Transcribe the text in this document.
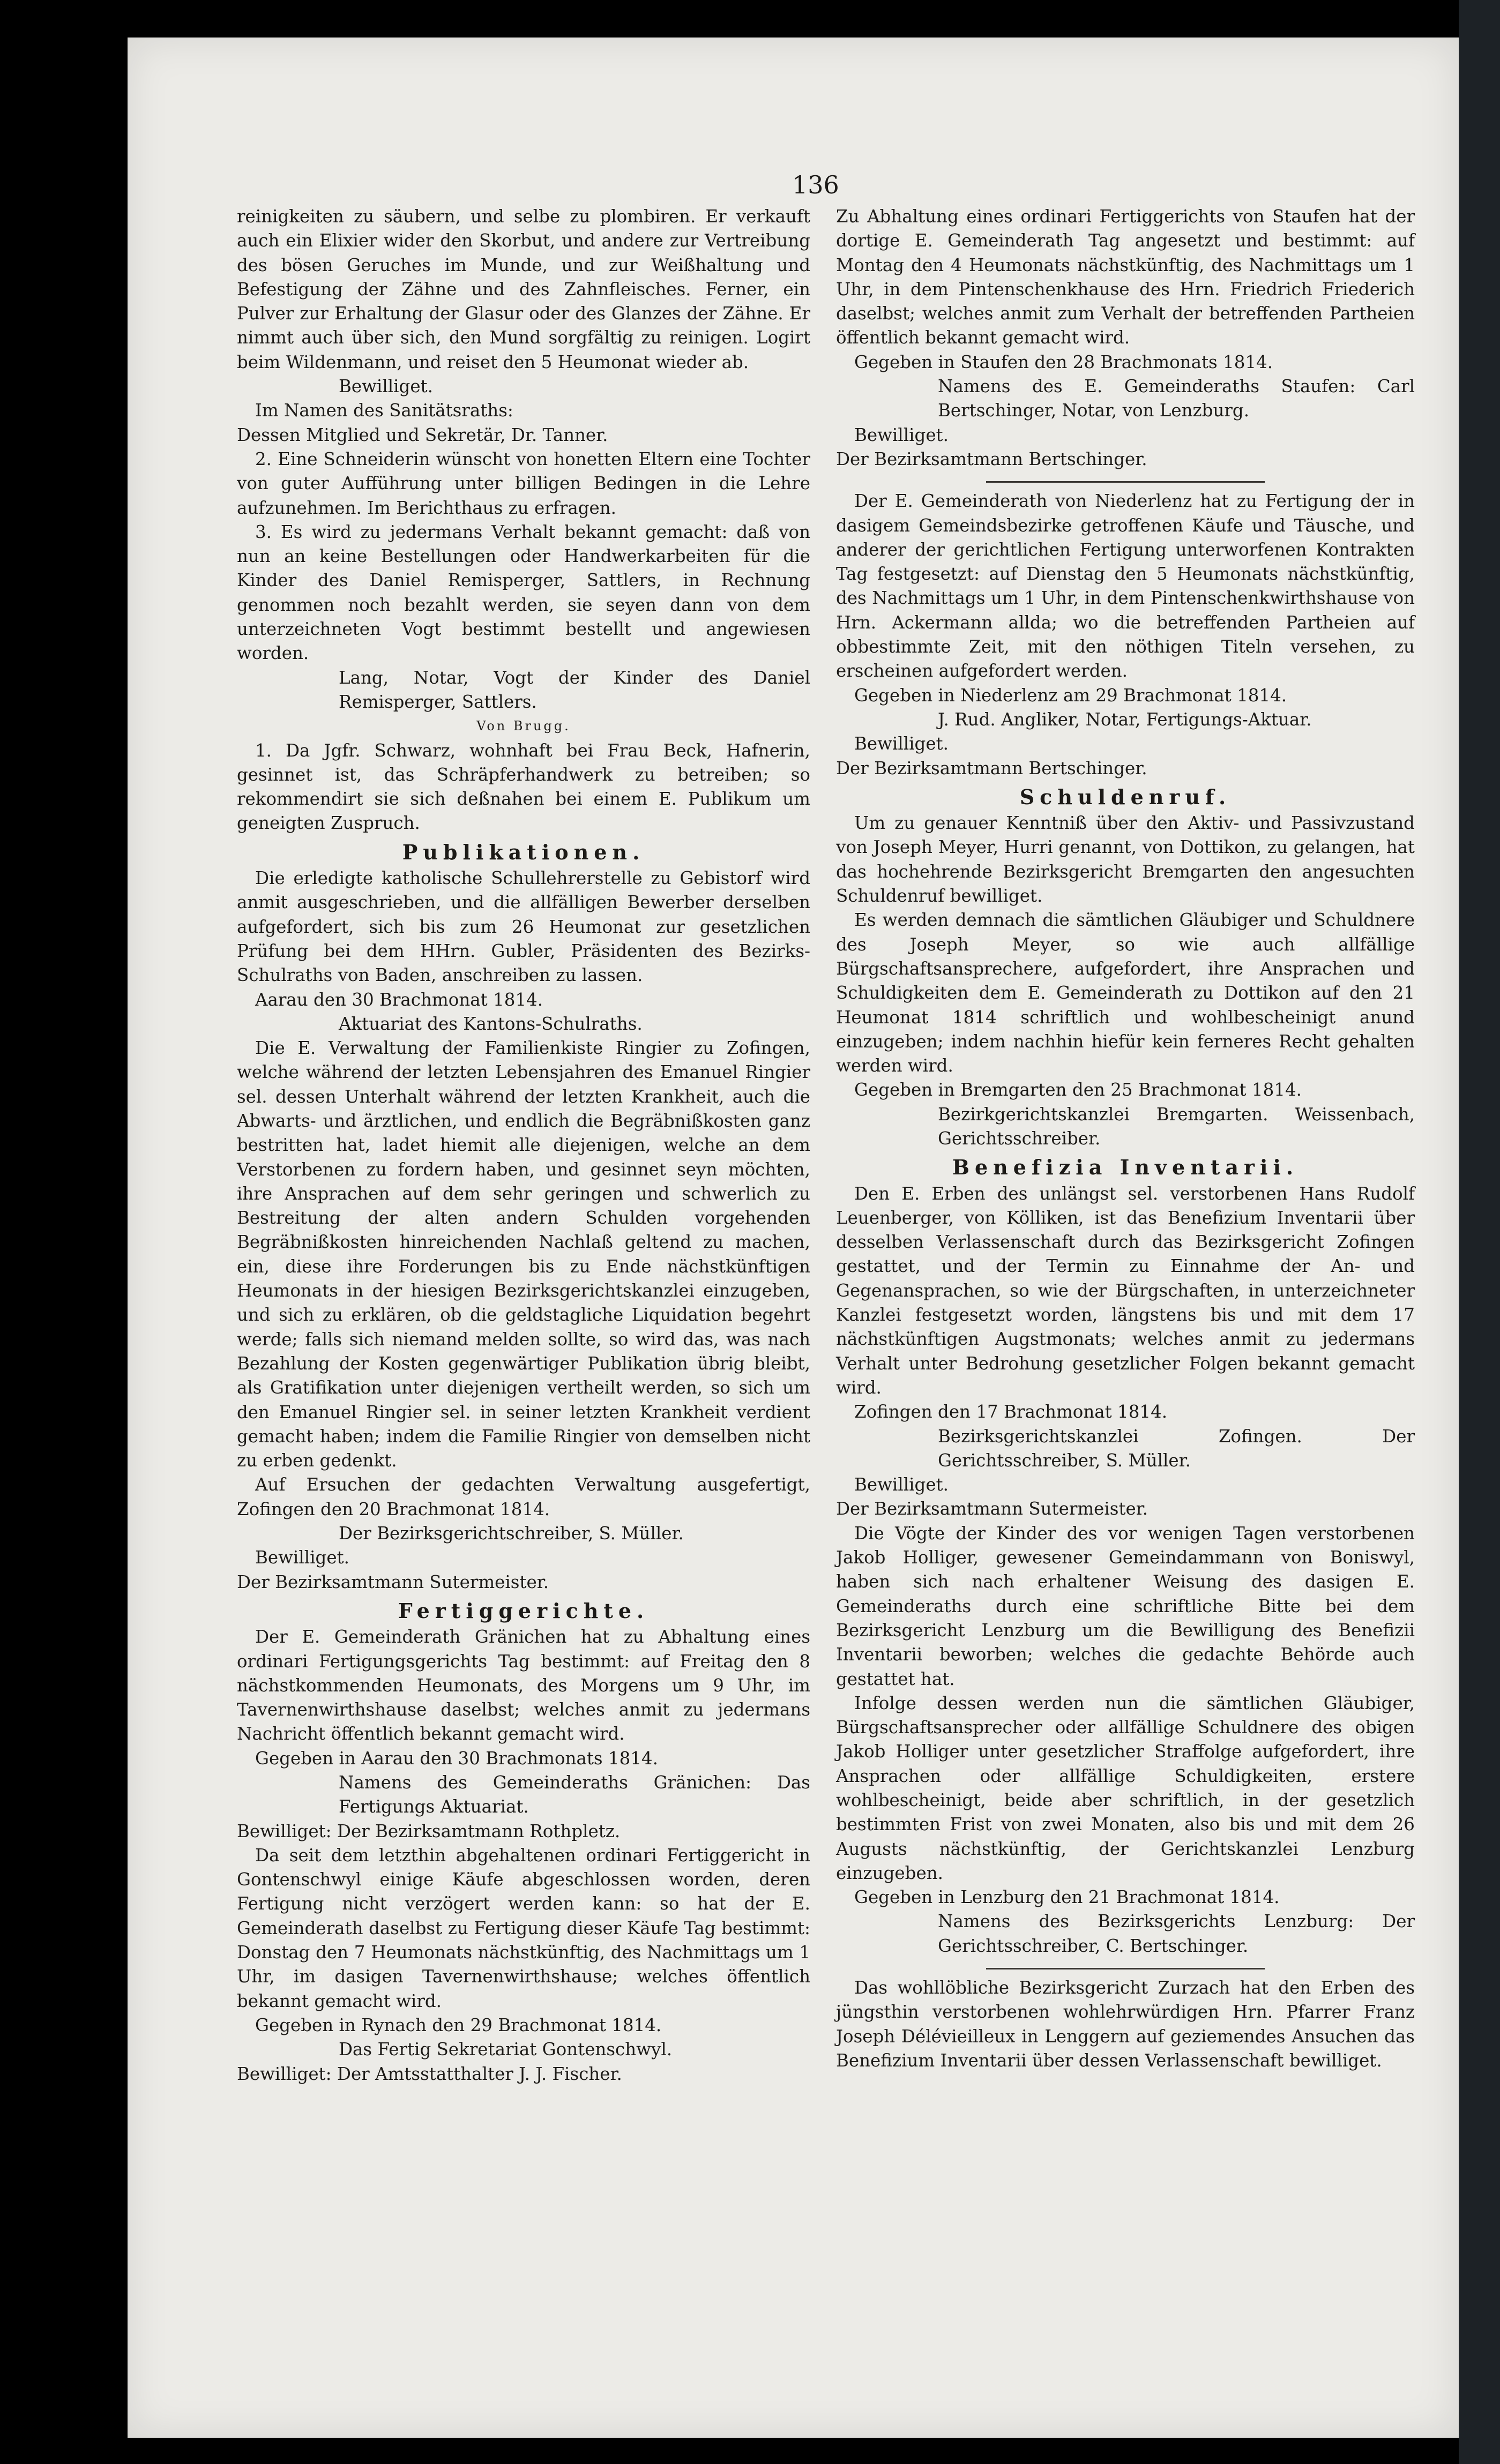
136

reinigkeiten zu säubern, und selbe zu plombiren. Er verkauft auch ein Elixier wider den Skorbut, und andere zur Vertreibung des bösen Geruches im Munde, und zur Weißhaltung und Befestigung der Zähne und des Zahnfleisches. Ferner, ein Pulver zur Erhaltung der Glasur oder des Glanzes der Zähne. Er nimmt auch über sich, den Mund sorgfältig zu reinigen. Logirt beim Wildenmann, und reiset den 5 Heumonat wieder ab.

Bewilliget.

Im Namen des Sanitätsraths:

Dessen Mitglied und Sekretär, Dr. Tanner.

2. Eine Schneiderin wünscht von honetten Eltern eine Tochter von guter Aufführung unter billigen Bedingen in die Lehre aufzunehmen. Im Berichthaus zu erfragen.

3. Es wird zu jedermans Verhalt bekannt gemacht: daß von nun an keine Bestellungen oder Handwerkarbeiten für die Kinder des Daniel Remisperger, Sattlers, in Rechnung genommen noch bezahlt werden, sie seyen dann von dem unterzeichneten Vogt bestimmt bestellt und angewiesen worden.

Lang, Notar, Vogt der Kinder des Daniel Remisperger, Sattlers.

Von Brugg.

1. Da Jgfr. Schwarz, wohnhaft bei Frau Beck, Hafnerin, gesinnet ist, das Schräpferhandwerk zu betreiben; so rekommendirt sie sich deßnahen bei einem E. Publikum um geneigten Zuspruch.

Publikationen.

Die erledigte katholische Schullehrerstelle zu Gebistorf wird anmit ausgeschrieben, und die allfälligen Bewerber derselben aufgefordert, sich bis zum 26 Heumonat zur gesetzlichen Prüfung bei dem HHrn. Gubler, Präsidenten des Bezirks-Schulraths von Baden, anschreiben zu lassen.

Aarau den 30 Brachmonat 1814.

Aktuariat des Kantons-Schulraths.

Die E. Verwaltung der Familienkiste Ringier zu Zofingen, welche während der letzten Lebensjahren des Emanuel Ringier sel. dessen Unterhalt während der letzten Krankheit, auch die Abwarts- und ärztlichen, und endlich die Begräbnißkosten ganz bestritten hat, ladet hiemit alle diejenigen, welche an dem Verstorbenen zu fordern haben, und gesinnet seyn möchten, ihre Ansprachen auf dem sehr geringen und schwerlich zu Bestreitung der alten andern Schulden vorgehenden Begräbnißkosten hinreichenden Nachlaß geltend zu machen, ein, diese ihre Forderungen bis zu Ende nächstkünftigen Heumonats in der hiesigen Bezirksgerichtskanzlei einzugeben, und sich zu erklären, ob die geldstagliche Liquidation begehrt werde; falls sich niemand melden sollte, so wird das, was nach Bezahlung der Kosten gegenwärtiger Publikation übrig bleibt, als Gratifikation unter diejenigen vertheilt werden, so sich um den Emanuel Ringier sel. in seiner letzten Krankheit verdient gemacht haben; indem die Familie Ringier von demselben nicht zu erben gedenkt.

Auf Ersuchen der gedachten Verwaltung ausgefertigt, Zofingen den 20 Brachmonat 1814.

Der Bezirksgerichtschreiber, S. Müller.

Bewilliget.

Der Bezirksamtmann Sutermeister.

Fertiggerichte.

Der E. Gemeinderath Gränichen hat zu Abhaltung eines ordinari Fertigungsgerichts Tag bestimmt: auf Freitag den 8 nächstkommenden Heumonats, des Morgens um 9 Uhr, im Tavernenwirthshause daselbst; welches anmit zu jedermans Nachricht öffentlich bekannt gemacht wird.

Gegeben in Aarau den 30 Brachmonats 1814.

Namens des Gemeinderaths Gränichen: Das Fertigungs Aktuariat.

Bewilliget: Der Bezirksamtmann Rothpletz.

Da seit dem letzthin abgehaltenen ordinari Fertiggericht in Gontenschwyl einige Käufe abgeschlossen worden, deren Fertigung nicht verzögert werden kann: so hat der E. Gemeinderath daselbst zu Fertigung dieser Käufe Tag bestimmt: Donstag den 7 Heumonats nächstkünftig, des Nachmittags um 1 Uhr, im dasigen Tavernenwirthshause; welches öffentlich bekannt gemacht wird.

Gegeben in Rynach den 29 Brachmonat 1814.

Das Fertig Sekretariat Gontenschwyl.

Bewilliget: Der Amtsstatthalter J. J. Fischer.

Zu Abhaltung eines ordinari Fertiggerichts von Staufen hat der dortige E. Gemeinderath Tag angesetzt und bestimmt: auf Montag den 4 Heumonats nächstkünftig, des Nachmittags um 1 Uhr, in dem Pintenschenkhause des Hrn. Friedrich Friederich daselbst; welches anmit zum Verhalt der betreffenden Partheien öffentlich bekannt gemacht wird.

Gegeben in Staufen den 28 Brachmonats 1814.

Namens des E. Gemeinderaths Staufen: Carl Bertschinger, Notar, von Lenzburg.

Bewilliget.

Der Bezirksamtmann Bertschinger.

Der E. Gemeinderath von Niederlenz hat zu Fertigung der in dasigem Gemeindsbezirke getroffenen Käufe und Täusche, und anderer der gerichtlichen Fertigung unterworfenen Kontrakten Tag festgesetzt: auf Dienstag den 5 Heumonats nächstkünftig, des Nachmittags um 1 Uhr, in dem Pintenschenkwirthshause von Hrn. Ackermann allda; wo die betreffenden Partheien auf obbestimmte Zeit, mit den nöthigen Titeln versehen, zu erscheinen aufgefordert werden.

Gegeben in Niederlenz am 29 Brachmonat 1814.

J. Rud. Angliker, Notar, Fertigungs-Aktuar.

Bewilliget.

Der Bezirksamtmann Bertschinger.

Schuldenruf.

Um zu genauer Kenntniß über den Aktiv- und Passivzustand von Joseph Meyer, Hurri genannt, von Dottikon, zu gelangen, hat das hochehrende Bezirksgericht Bremgarten den angesuchten Schuldenruf bewilliget.

Es werden demnach die sämtlichen Gläubiger und Schuldnere des Joseph Meyer, so wie auch allfällige Bürgschaftsansprechere, aufgefordert, ihre Ansprachen und Schuldigkeiten dem E. Gemeinderath zu Dottikon auf den 21 Heumonat 1814 schriftlich und wohlbescheinigt anund einzugeben; indem nachhin hiefür kein ferneres Recht gehalten werden wird.

Gegeben in Bremgarten den 25 Brachmonat 1814.

Bezirkgerichtskanzlei Bremgarten. Weissenbach, Gerichtsschreiber.

Benefizia Inventarii.

Den E. Erben des unlängst sel. verstorbenen Hans Rudolf Leuenberger, von Kölliken, ist das Benefizium Inventarii über desselben Verlassenschaft durch das Bezirksgericht Zofingen gestattet, und der Termin zu Einnahme der An- und Gegenansprachen, so wie der Bürgschaften, in unterzeichneter Kanzlei festgesetzt worden, längstens bis und mit dem 17 nächstkünftigen Augstmonats; welches anmit zu jedermans Verhalt unter Bedrohung gesetzlicher Folgen bekannt gemacht wird.

Zofingen den 17 Brachmonat 1814.

Bezirksgerichtskanzlei Zofingen. Der Gerichtsschreiber, S. Müller.

Bewilliget.

Der Bezirksamtmann Sutermeister.

Die Vögte der Kinder des vor wenigen Tagen verstorbenen Jakob Holliger, gewesener Gemeindammann von Boniswyl, haben sich nach erhaltener Weisung des dasigen E. Gemeinderaths durch eine schriftliche Bitte bei dem Bezirksgericht Lenzburg um die Bewilligung des Benefizii Inventarii beworben; welches die gedachte Behörde auch gestattet hat.

Infolge dessen werden nun die sämtlichen Gläubiger, Bürgschaftsansprecher oder allfällige Schuldnere des obigen Jakob Holliger unter gesetzlicher Straffolge aufgefordert, ihre Ansprachen oder allfällige Schuldigkeiten, erstere wohlbescheinigt, beide aber schriftlich, in der gesetzlich bestimmten Frist von zwei Monaten, also bis und mit dem 26 Augusts nächstkünftig, der Gerichtskanzlei Lenzburg einzugeben.

Gegeben in Lenzburg den 21 Brachmonat 1814.

Namens des Bezirksgerichts Lenzburg: Der Gerichtsschreiber, C. Bertschinger.

Das wohllöbliche Bezirksgericht Zurzach hat den Erben des jüngsthin verstorbenen wohlehrwürdigen Hrn. Pfarrer Franz Joseph Délévieilleux in Lenggern auf geziemendes Ansuchen das Benefizium Inventarii über dessen Verlassenschaft bewilliget.
